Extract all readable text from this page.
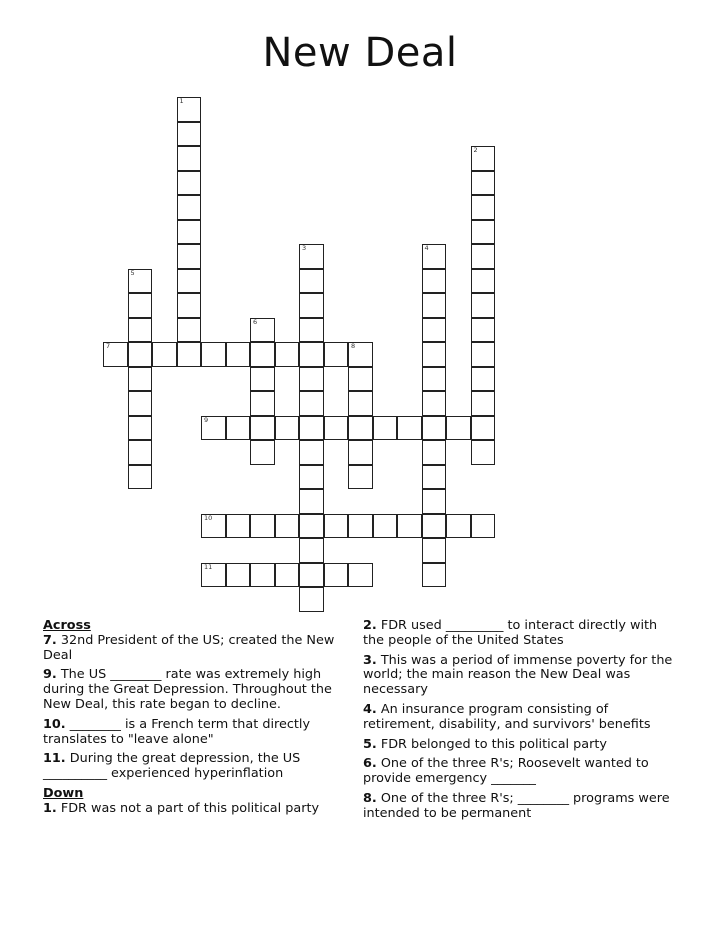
New Deal
1
2
3	4
5
6
7	8
9
10
11
Across
7. 32nd President of the US; created the New Deal
9. The US ________ rate was extremely high during the Great Depression. Throughout the New Deal, this rate began to decline.
10. ________ is a French term that directly translates to "leave alone"
11. During the great depression, the US __________ experienced hyperinflation
Down
1. FDR was not a part of this political party
2. FDR used _________ to interact directly with the people of the United States
3. This was a period of immense poverty for the world; the main reason the New Deal was necessary
4. An insurance program consisting of retirement, disability, and survivors' benefits
5. FDR belonged to this political party
6. One of the three R's; Roosevelt wanted to provide emergency _______
8. One of the three R's; ________ programs were intended to be permanent
